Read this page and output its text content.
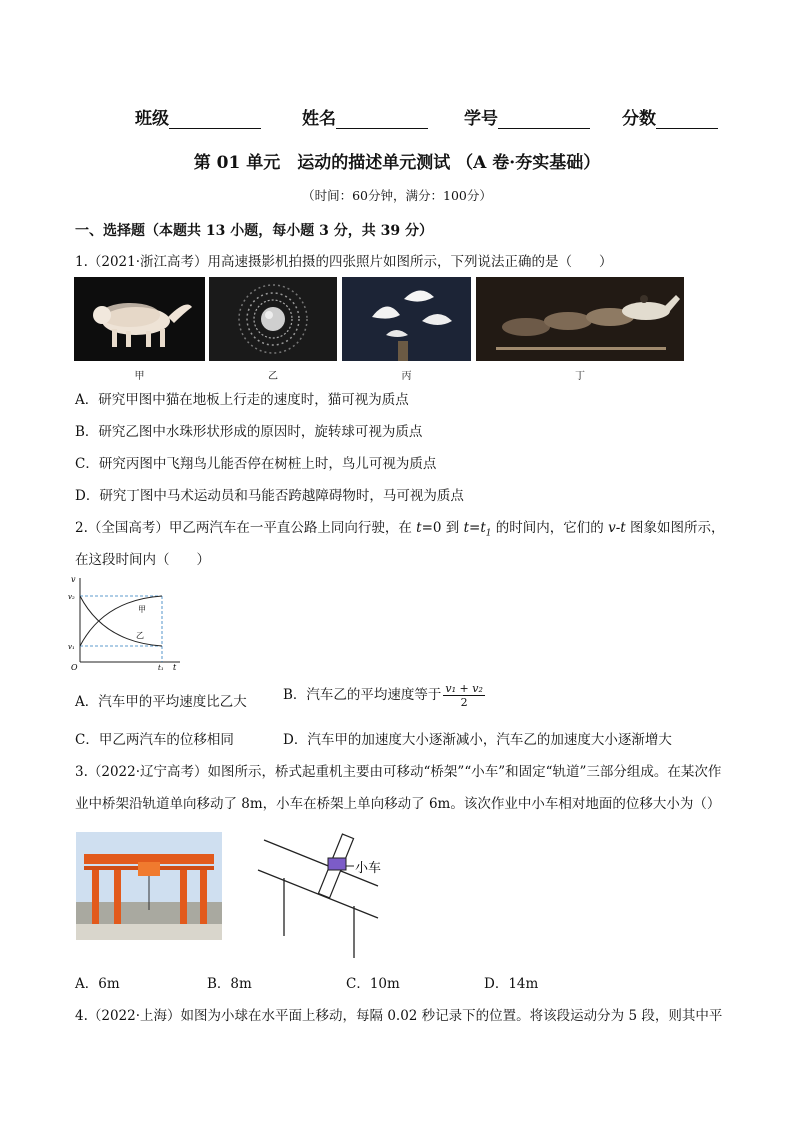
班级	姓名	学号	分数
第 01 单元　运动的描述单元测试 （A 卷·夯实基础）
（时间：60分钟，满分：100分）
一、选择题（本题共 13 小题，每小题 3 分，共 39 分）
1.（2021·浙江高考）用高速摄影机拍摄的四张照片如图所示，下列说法正确的是（　　）
甲	乙	丙	丁
A．研究甲图中猫在地板上行走的速度时，猫可视为质点
B．研究乙图中水珠形状形成的原因时，旋转球可视为质点
C．研究丙图中飞翔鸟儿能否停在树桩上时，鸟儿可视为质点
D．研究丁图中马术运动员和马能否跨越障碍物时，马可视为质点
2.（全国高考）甲乙两汽车在一平直公路上同向行驶，在 t=0 到 $t=t_1$ 的时间内，它们的 v-t 图象如图所示，
在这段时间内（　　）
v
t
O
v₂
v₁
t₁
甲
乙
A．汽车甲的平均速度比乙大	B．汽车乙的平均速度等于 $\frac{\text{v₁ + v₂}}{2}$
C．甲乙两汽车的位移相同	D．汽车甲的加速度大小逐渐减小，汽车乙的加速度大小逐渐增大
3.（2022·辽宁高考）如图所示，桥式起重机主要由可移动“桥架”“小车”和固定“轨道”三部分组成。在某次作
业中桥架沿轨道单向移动了 8m，小车在桥架上单向移动了 6m。该次作业中小车相对地面的位移大小为（）
小车
A．6m	B．8m	C．10m	D．14m
4.（2022·上海）如图为小球在水平面上移动，每隔 0.02 秒记录下的位置。将该段运动分为 5 段，则其中平
